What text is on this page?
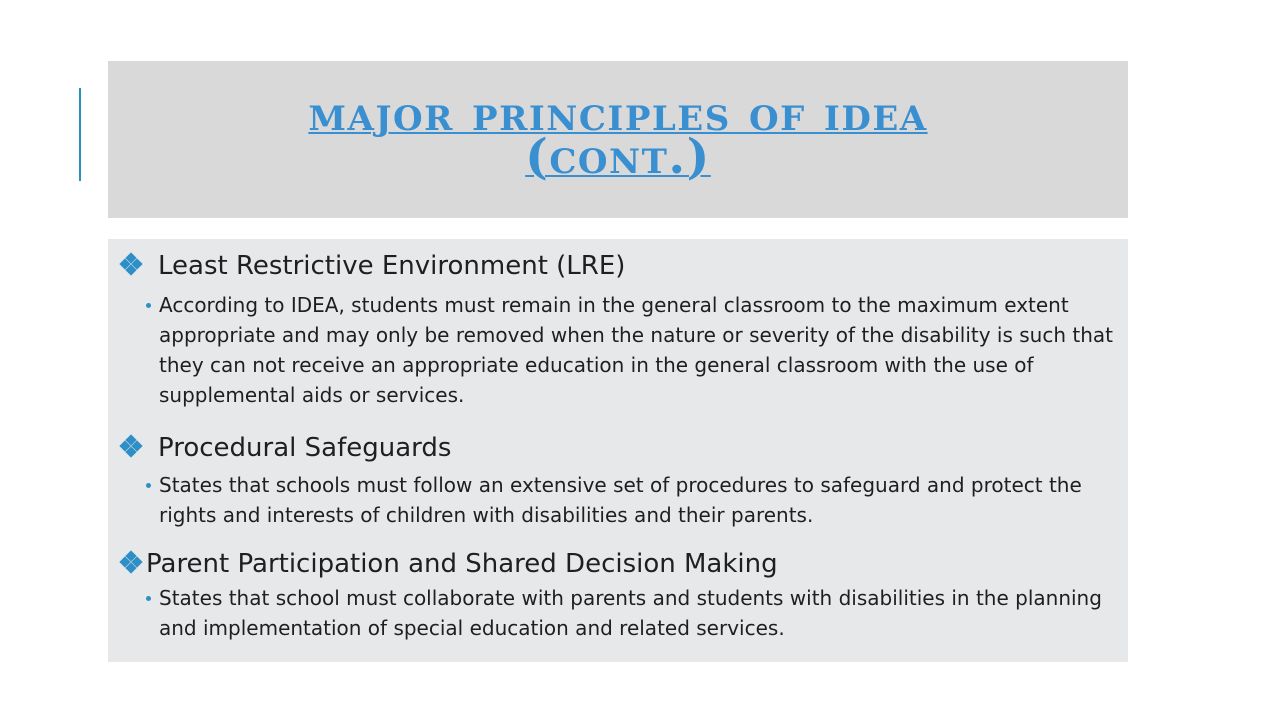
major principles of idea
(cont.)
Least Restrictive Environment (LRE)
According to IDEA, students must remain in the general classroom to the maximum extent appropriate and may only be removed when the nature or severity of the disability is such that they can not receive an appropriate education in the general classroom with the use of supplemental aids or services.
Procedural Safeguards
States that schools must follow an extensive set of procedures to safeguard and protect the rights and interests of children with disabilities and their parents.
Parent Participation and Shared Decision Making
States that school must collaborate with parents and students with disabilities in the planning and implementation of special education and related services.
